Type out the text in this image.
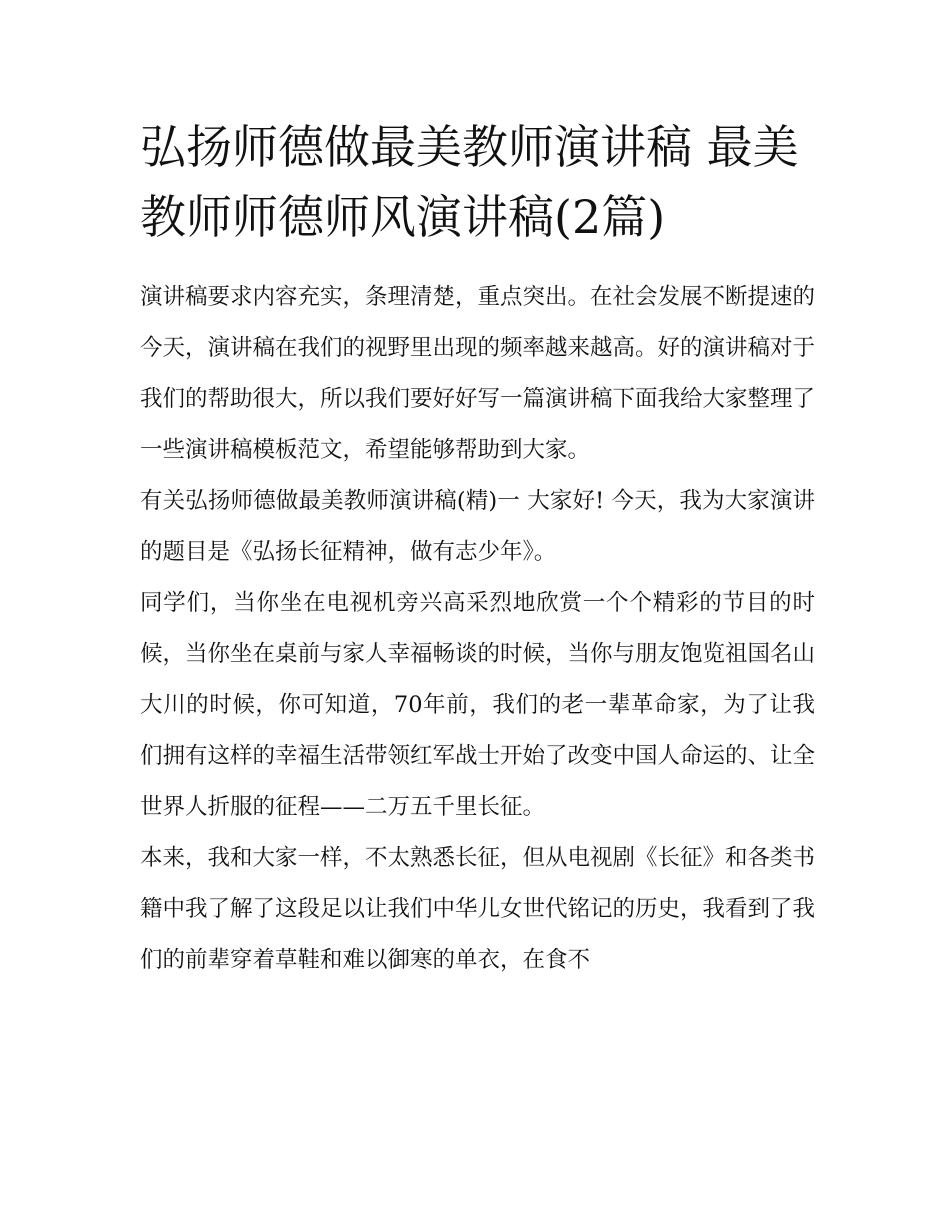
弘扬师德做最美教师演讲稿 最美教师师德师风演讲稿(2篇)

演讲稿要求内容充实，条理清楚，重点突出。在社会发展不断提速的今天，演讲稿在我们的视野里出现的频率越来越高。好的演讲稿对于我们的帮助很大，所以我们要好好写一篇演讲稿下面我给大家整理了一些演讲稿模板范文，希望能够帮助到大家。

有关弘扬师德做最美教师演讲稿(精)一 大家好! 今天，我为大家演讲的题目是《弘扬长征精神，做有志少年》。

同学们，当你坐在电视机旁兴高采烈地欣赏一个个精彩的节目的时候，当你坐在桌前与家人幸福畅谈的时候，当你与朋友饱览祖国名山大川的时候，你可知道，70年前，我们的老一辈革命家，为了让我们拥有这样的幸福生活带领红军战士开始了改变中国人命运的、让全世界人折服的征程——二万五千里长征。

本来，我和大家一样，不太熟悉长征，但从电视剧《长征》和各类书籍中我了解了这段足以让我们中华儿女世代铭记的历史，我看到了我们的前辈穿着草鞋和难以御寒的单衣，在食不
